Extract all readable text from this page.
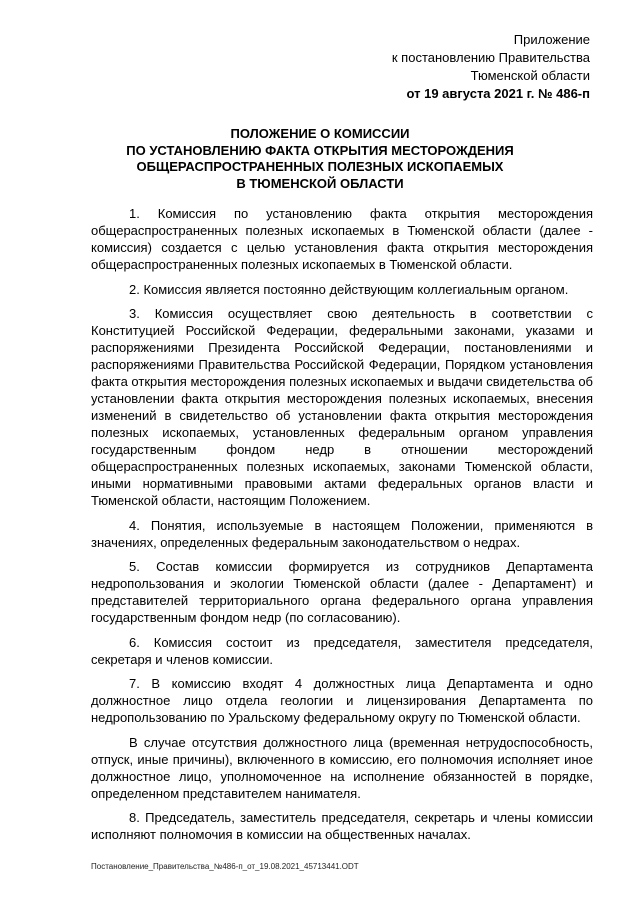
Приложение
к постановлению Правительства
Тюменской области
от 19 августа 2021 г. № 486-п
ПОЛОЖЕНИЕ О КОМИССИИ
ПО УСТАНОВЛЕНИЮ ФАКТА ОТКРЫТИЯ МЕСТОРОЖДЕНИЯ
ОБЩЕРАСПРОСТРАНЕННЫХ ПОЛЕЗНЫХ ИСКОПАЕМЫХ
В ТЮМЕНСКОЙ ОБЛАСТИ

1. Комиссия по установлению факта открытия месторождения общераспространенных полезных ископаемых в Тюменской области (далее - комиссия) создается с целью установления факта открытия месторождения общераспространенных полезных ископаемых в Тюменской области.

2. Комиссия является постоянно действующим коллегиальным органом.

3. Комиссия осуществляет свою деятельность в соответствии с Конституцией Российской Федерации, федеральными законами, указами и распоряжениями Президента Российской Федерации, постановлениями и распоряжениями Правительства Российской Федерации, Порядком установления факта открытия месторождения полезных ископаемых и выдачи свидетельства об установлении факта открытия месторождения полезных ископаемых, внесения изменений в свидетельство об установлении факта открытия месторождения полезных ископаемых, установленных федеральным органом управления государственным фондом недр в отношении месторождений общераспространенных полезных ископаемых, законами Тюменской области, иными нормативными правовыми актами федеральных органов власти и Тюменской области, настоящим Положением.

4. Понятия, используемые в настоящем Положении, применяются в значениях, определенных федеральным законодательством о недрах.

5. Состав комиссии формируется из сотрудников Департамента недропользования и экологии Тюменской области (далее - Департамент) и представителей территориального органа федерального органа управления государственным фондом недр (по согласованию).

6. Комиссия состоит из председателя, заместителя председателя, секретаря и членов комиссии.

7. В комиссию входят 4 должностных лица Департамента и одно должностное лицо отдела геологии и лицензирования Департамента по недропользованию по Уральскому федеральному округу по Тюменской области.

В случае отсутствия должностного лица (временная нетрудоспособность, отпуск, иные причины), включенного в комиссию, его полномочия исполняет иное должностное лицо, уполномоченное на исполнение обязанностей в порядке, определенном представителем нанимателя.

8. Председатель, заместитель председателя, секретарь и члены комиссии исполняют полномочия в комиссии на общественных началах.

Постановление_Правительства_№486-п_от_19.08.2021_45713441.ODT
